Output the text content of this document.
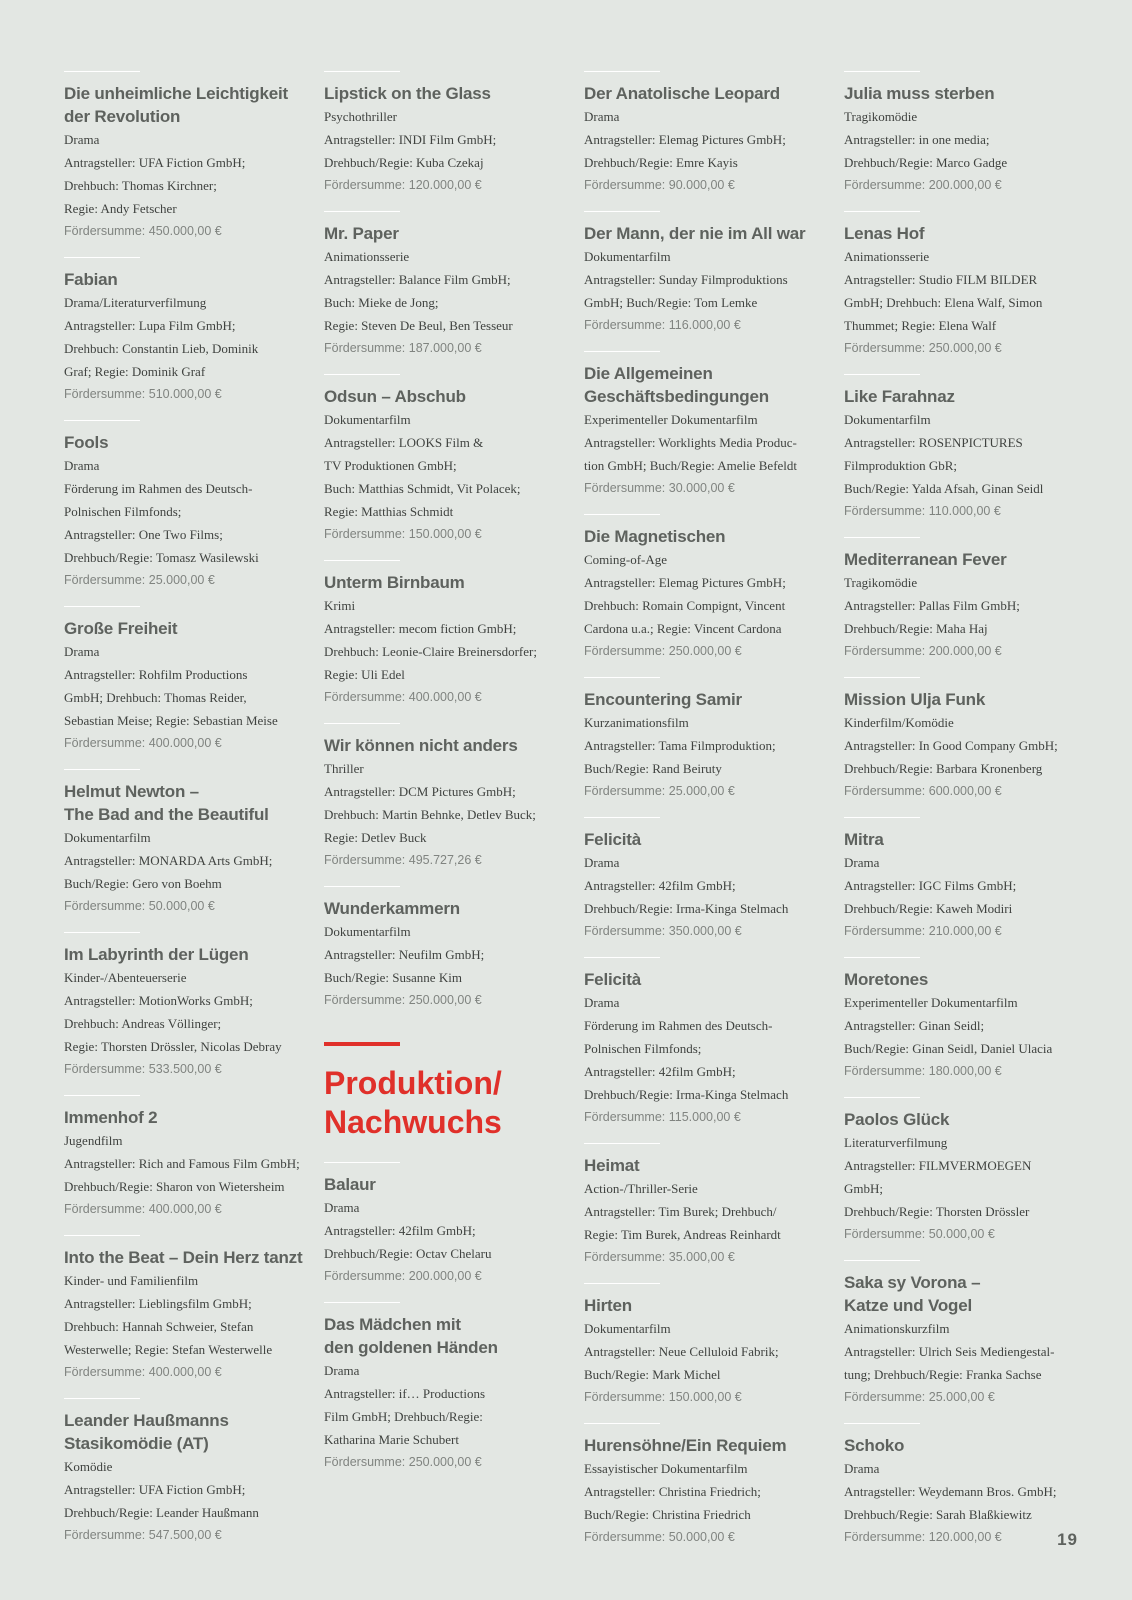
Die unheimliche Leichtigkeit
der Revolution
Drama
Antragsteller: UFA Fiction GmbH;
Drehbuch: Thomas Kirchner;
Regie: Andy Fetscher
Fördersumme: 450.000,00 €
Fabian
Drama/Literaturverfilmung
Antragsteller: Lupa Film GmbH;
Drehbuch: Constantin Lieb, Dominik
Graf; Regie: Dominik Graf
Fördersumme: 510.000,00 €
Fools
Drama
Förderung im Rahmen des Deutsch-
Polnischen Filmfonds;
Antragsteller: One Two Films;
Drehbuch/Regie: Tomasz Wasilewski
Fördersumme: 25.000,00 €
Große Freiheit
Drama
Antragsteller: Rohfilm Productions
GmbH; Drehbuch: Thomas Reider,
Sebastian Meise; Regie: Sebastian Meise
Fördersumme: 400.000,00 €
Helmut Newton –
The Bad and the Beautiful
Dokumentarfilm
Antragsteller: MONARDA Arts GmbH;
Buch/Regie: Gero von Boehm
Fördersumme: 50.000,00 €
Im Labyrinth der Lügen
Kinder-/Abenteuerserie
Antragsteller: MotionWorks GmbH;
Drehbuch: Andreas Völlinger;
Regie: Thorsten Drössler, Nicolas Debray
Fördersumme: 533.500,00 €
Immenhof 2
Jugendfilm
Antragsteller: Rich and Famous Film GmbH;
Drehbuch/Regie: Sharon von Wietersheim
Fördersumme: 400.000,00 €
Into the Beat – Dein Herz tanzt
Kinder- und Familienfilm
Antragsteller: Lieblingsfilm GmbH;
Drehbuch: Hannah Schweier, Stefan
Westerwelle; Regie: Stefan Westerwelle
Fördersumme: 400.000,00 €
Leander Haußmanns
Stasikomödie (AT)
Komödie
Antragsteller: UFA Fiction GmbH;
Drehbuch/Regie: Leander Haußmann
Fördersumme: 547.500,00 €
Lipstick on the Glass
Psychothriller
Antragsteller: INDI Film GmbH;
Drehbuch/Regie: Kuba Czekaj
Fördersumme: 120.000,00 €
Mr. Paper
Animationsserie
Antragsteller: Balance Film GmbH;
Buch: Mieke de Jong;
Regie: Steven De Beul, Ben Tesseur
Fördersumme: 187.000,00 €
Odsun – Abschub
Dokumentarfilm
Antragsteller: LOOKS Film &
TV Produktionen GmbH;
Buch: Matthias Schmidt, Vit Polacek;
Regie: Matthias Schmidt
Fördersumme: 150.000,00 €
Unterm Birnbaum
Krimi
Antragsteller: mecom fiction GmbH;
Drehbuch: Leonie-Claire Breinersdorfer;
Regie: Uli Edel
Fördersumme: 400.000,00 €
Wir können nicht anders
Thriller
Antragsteller: DCM Pictures GmbH;
Drehbuch: Martin Behnke, Detlev Buck;
Regie: Detlev Buck
Fördersumme: 495.727,26 €
Wunderkammern
Dokumentarfilm
Antragsteller: Neufilm GmbH;
Buch/Regie: Susanne Kim
Fördersumme: 250.000,00 €
Produktion/
Nachwuchs
Balaur
Drama
Antragsteller: 42film GmbH;
Drehbuch/Regie: Octav Chelaru
Fördersumme: 200.000,00 €
Das Mädchen mit
den goldenen Händen
Drama
Antragsteller: if… Productions
Film GmbH; Drehbuch/Regie:
Katharina Marie Schubert
Fördersumme: 250.000,00 €
Der Anatolische Leopard
Drama
Antragsteller: Elemag Pictures GmbH;
Drehbuch/Regie: Emre Kayis
Fördersumme: 90.000,00 €
Der Mann, der nie im All war
Dokumentarfilm
Antragsteller: Sunday Filmproduktions
GmbH; Buch/Regie: Tom Lemke
Fördersumme: 116.000,00 €
Die Allgemeinen
Geschäftsbedingungen
Experimenteller Dokumentarfilm
Antragsteller: Worklights Media Produc-
tion GmbH; Buch/Regie: Amelie Befeldt
Fördersumme: 30.000,00 €
Die Magnetischen
Coming-of-Age
Antragsteller: Elemag Pictures GmbH;
Drehbuch: Romain Compignt, Vincent
Cardona u.a.; Regie: Vincent Cardona
Fördersumme: 250.000,00 €
Encountering Samir
Kurzanimationsfilm
Antragsteller: Tama Filmproduktion;
Buch/Regie: Rand Beiruty
Fördersumme: 25.000,00 €
Felicità
Drama
Antragsteller: 42film GmbH;
Drehbuch/Regie: Irma-Kinga Stelmach
Fördersumme: 350.000,00 €
Felicità
Drama
Förderung im Rahmen des Deutsch-
Polnischen Filmfonds;
Antragsteller: 42film GmbH;
Drehbuch/Regie: Irma-Kinga Stelmach
Fördersumme: 115.000,00 €
Heimat
Action-/Thriller-Serie
Antragsteller: Tim Burek; Drehbuch/
Regie: Tim Burek, Andreas Reinhardt
Fördersumme: 35.000,00 €
Hirten
Dokumentarfilm
Antragsteller: Neue Celluloid Fabrik;
Buch/Regie: Mark Michel
Fördersumme: 150.000,00 €
Hurensöhne/Ein Requiem
Essayistischer Dokumentarfilm
Antragsteller: Christina Friedrich;
Buch/Regie: Christina Friedrich
Fördersumme: 50.000,00 €
Julia muss sterben
Tragikomödie
Antragsteller: in one media;
Drehbuch/Regie: Marco Gadge
Fördersumme: 200.000,00 €
Lenas Hof
Animationsserie
Antragsteller: Studio FILM BILDER
GmbH; Drehbuch: Elena Walf, Simon
Thummet; Regie: Elena Walf
Fördersumme: 250.000,00 €
Like Farahnaz
Dokumentarfilm
Antragsteller: ROSENPICTURES
Filmproduktion GbR;
Buch/Regie: Yalda Afsah, Ginan Seidl
Fördersumme: 110.000,00 €
Mediterranean Fever
Tragikomödie
Antragsteller: Pallas Film GmbH;
Drehbuch/Regie: Maha Haj
Fördersumme: 200.000,00 €
Mission Ulja Funk
Kinderfilm/Komödie
Antragsteller: In Good Company GmbH;
Drehbuch/Regie: Barbara Kronenberg
Fördersumme: 600.000,00 €
Mitra
Drama
Antragsteller: IGC Films GmbH;
Drehbuch/Regie: Kaweh Modiri
Fördersumme: 210.000,00 €
Moretones
Experimenteller Dokumentarfilm
Antragsteller: Ginan Seidl;
Buch/Regie: Ginan Seidl, Daniel Ulacia
Fördersumme: 180.000,00 €
Paolos Glück
Literaturverfilmung
Antragsteller: FILMVERMOEGEN
GmbH;
Drehbuch/Regie: Thorsten Drössler
Fördersumme: 50.000,00 €
Saka sy Vorona –
Katze und Vogel
Animationskurzfilm
Antragsteller: Ulrich Seis Mediengestal-
tung; Drehbuch/Regie: Franka Sachse
Fördersumme: 25.000,00 €
Schoko
Drama
Antragsteller: Weydemann Bros. GmbH;
Drehbuch/Regie: Sarah Blaßkiewitz
Fördersumme: 120.000,00 €	19
